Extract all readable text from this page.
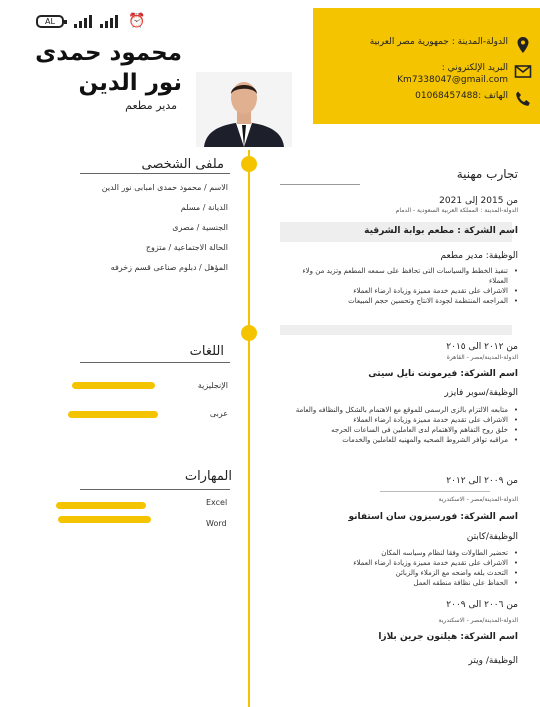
AL	⏰
الدولة-المدينة : جمهورية مصر العربية
البريد الإلكتروني : Km7338047@gmail.com
الهاتف :01068457488
محمود حمدى
نور الدين
مدير مطعم
ملفى الشخصى
الاسم / محمود حمدى امبابى نور الدين
الديانة / مسلم
الجنسية / مصرى
الحالة الاجتماعية / متزوج
المؤهل / دبلوم صناعى قسم زخرفه
اللغات
الإنجليزية
عربى
المهارات
Excel
Word
تجارب مهنية
من 2015 إلى 2021
الدولة-المدينة : المملكة العربية السعودية - الدمام
اسم الشركة : مطعم بوابة الشرقية
الوظيفة: مدير مطعم
• تنفيذ الخطط والسياسات التى تحافظ على سمعه المطعم وتزيد من ولاء العملاء
• الاشراف على تقديم خدمة مميزة وزيادة ارضاء العملاء
• المراجعه المنتظمة لجودة الانتاج وتحسين حجم المبيعات
من ٢٠١٢ الى ٢٠١٥
الدولة-المدينة/مصر - القاهرة
اسم الشركة: فيرمونت نايل سيتى
الوظيفة/سوبر فايزر
• متابعه الالتزام بالزى الرسمى للموقع مع الاهتمام بالشكل والنظافه والعامة
• الاشراف على تقديم خدمة مميزة وزيادة ارضاء العملاء
• خلق روح التفاهم والاهتمام لدى العاملين فى الساعات الحرجه
• مراقبه توافر الشروط الصحيه والمهنيه للعاملين والخدمات
من ٢٠٠٩ الى ٢٠١٢
الدولة-المدينة/مصر - الاسكندرية
اسم الشركة: فورسيزون سان استفانو
الوظيفة/كابتن
• تحضير الطاولات وفقا لنظام وسياسه المكان
• الاشراف على تقديم خدمة مميزة وزيادة ارضاء العملاء
• التحدث بلغه واضحه مع الزملاء والزبائن
• الحفاظ على نظافة منطقه العمل
من ٢٠٠٦ الى ٢٠٠٩
الدولة-المدينة/مصر - الاسكندرية
اسم الشركة: هيلتون جرين بلازا
الوظيفة/ ويتر
